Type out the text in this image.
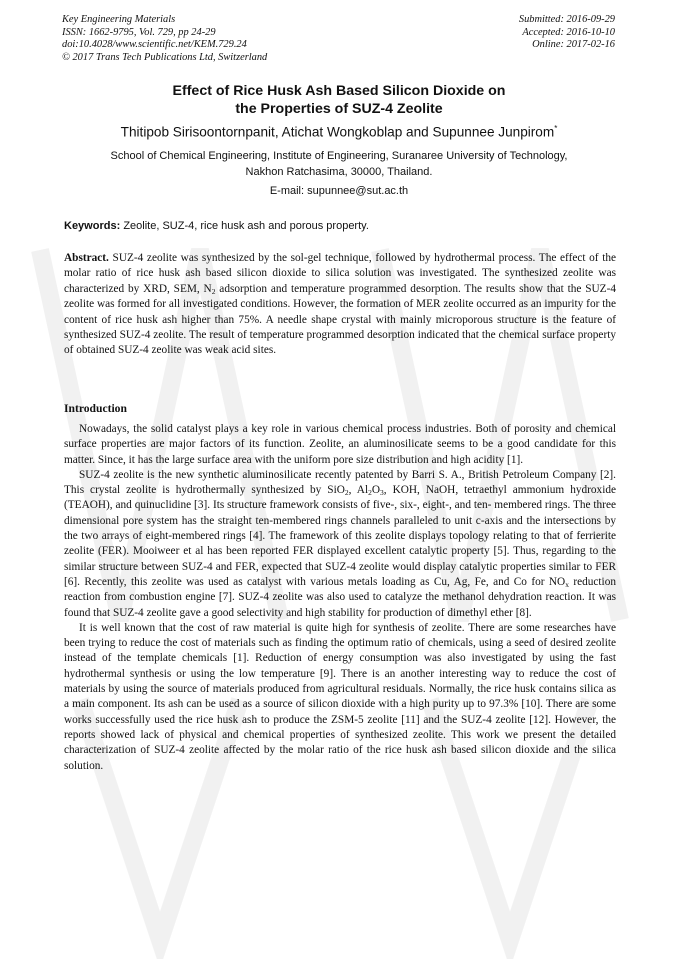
Key Engineering Materials
ISSN: 1662-9795, Vol. 729, pp 24-29
doi:10.4028/www.scientific.net/KEM.729.24
© 2017 Trans Tech Publications Ltd, Switzerland
Submitted: 2016-09-29
Accepted: 2016-10-10
Online: 2017-02-16
Effect of Rice Husk Ash Based Silicon Dioxide on
the Properties of SUZ-4 Zeolite
Thitipob Sirisoontornpanit, Atichat Wongkoblap and Supunnee Junpirom*
School of Chemical Engineering, Institute of Engineering, Suranaree University of Technology,
Nakhon Ratchasima, 30000, Thailand.
E-mail: supunnee@sut.ac.th
Keywords: Zeolite, SUZ-4, rice husk ash and porous property.
Abstract. SUZ-4 zeolite was synthesized by the sol-gel technique, followed by hydrothermal process. The effect of the molar ratio of rice husk ash based silicon dioxide to silica solution was investigated. The synthesized zeolite was characterized by XRD, SEM, $N_2$ adsorption and temperature programmed desorption. The results show that the SUZ-4 zeolite was formed for all investigated conditions. However, the formation of MER zeolite occurred as an impurity for the content of rice husk ash higher than 75%. A needle shape crystal with mainly microporous structure is the feature of synthesized SUZ-4 zeolite. The result of temperature programmed desorption indicated that the chemical surface property of obtained SUZ-4 zeolite was weak acid sites.
Introduction

Nowadays, the solid catalyst plays a key role in various chemical process industries. Both of porosity and chemical surface properties are major factors of its function. Zeolite, an aluminosilicate seems to be a good candidate for this matter. Since, it has the large surface area with the uniform pore size distribution and high acidity [1].

SUZ-4 zeolite is the new synthetic aluminosilicate recently patented by Barri S. A., British Petroleum Company [2]. This crystal zeolite is hydrothermally synthesized by SiO$_2$, $Al_2O_3$, KOH, NaOH, tetraethyl ammonium hydroxide (TEAOH), and quinuclidine [3]. Its structure framework consists of five-, six-, eight-, and ten- membered rings. The three dimensional pore system has the straight ten-membered rings channels paralleled to unit c-axis and the intersections by the two arrays of eight-membered rings [4]. The framework of this zeolite displays topology relating to that of ferrierite zeolite (FER). Mooiweer et al has been reported FER displayed excellent catalytic property [5]. Thus, regarding to the similar structure between SUZ-4 and FER, expected that SUZ-4 zeolite would display catalytic properties similar to FER [6]. Recently, this zeolite was used as catalyst with various metals loading as Cu, Ag, Fe, and Co for $NO_x$ reduction reaction from combustion engine [7]. SUZ-4 zeolite was also used to catalyze the methanol dehydration reaction. It was found that SUZ-4 zeolite gave a good selectivity and high stability for production of dimethyl ether [8].

It is well known that the cost of raw material is quite high for synthesis of zeolite. There are some researches have been trying to reduce the cost of materials such as finding the optimum ratio of chemicals, using a seed of desired zeolite instead of the template chemicals [1]. Reduction of energy consumption was also investigated by using the fast hydrothermal synthesis or using the low temperature [9]. There is an another interesting way to reduce the cost of materials by using the source of materials produced from agricultural residuals. Normally, the rice husk contains silica as a main component. Its ash can be used as a source of silicon dioxide with a high purity up to 97.3% [10]. There are some works successfully used the rice husk ash to produce the ZSM-5 zeolite [11] and the SUZ-4 zeolite [12]. However, the reports showed lack of physical and chemical properties of synthesized zeolite. This work we present the detailed characterization of SUZ-4 zeolite affected by the molar ratio of the rice husk ash based silicon dioxide and the silica solution.
